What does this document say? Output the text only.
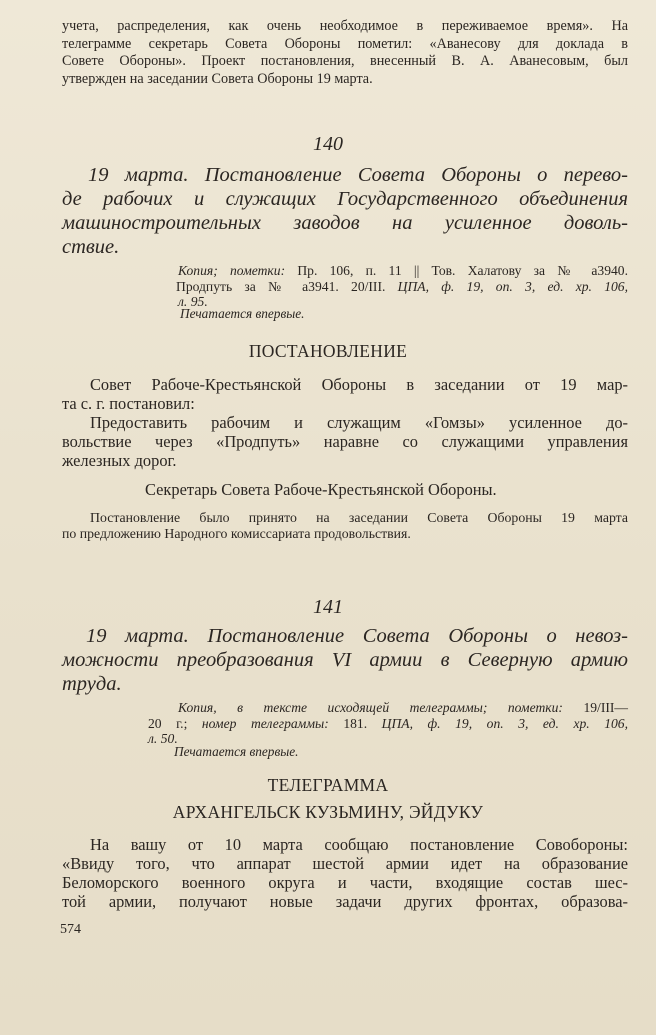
учета, распределения, как очень необходимое в переживаемое время». На
телеграмме секретарь Совета Обороны пометил: «Аванесову для доклада в
Совете Обороны». Проект постановления, внесенный В. А. Аванесовым, был
утвержден на заседании Совета Обороны 19 марта.
140
19 марта. Постановление Совета Обороны о перево-
де рабочих и служащих Государственного объединения
машиностроительных заводов на усиленное доволь-
ствие.
Копия; пометки: Пр. 106, п. 11 || Тов. Халатову за № а3940.
Продпуть за № а3941. 20/III. ЦПА, ф. 19, оп. 3, ед. хр. 106,
л. 95.
Печатается впервые.
ПОСТАНОВЛЕНИЕ
Совет Рабоче-Крестьянской Обороны в заседании от 19 мар-
та с. г. постановил:
Предоставить рабочим и служащим «Гомзы» усиленное до-
вольствие через «Продпуть» наравне со служащими управления
железных дорог.
Секретарь Совета Рабоче-Крестьянской Обороны.
Постановление было принято на заседании Совета Обороны 19 марта
по предложению Народного комиссариата продовольствия.
141
19 марта. Постановление Совета Обороны о невоз-
можности преобразования VI армии в Северную армию
труда.
Копия, в тексте исходящей телеграммы; пометки: 19/III—
20 г.; номер телеграммы: 181. ЦПА, ф. 19, оп. 3, ед. хр. 106,
л. 50.
Печатается впервые.
ТЕЛЕГРАММА
АРХАНГЕЛЬСК КУЗЬМИНУ, ЭЙДУКУ
На вашу от 10 марта сообщаю постановление Совобороны:
«Ввиду того, что аппарат шестой армии идет на образование
Беломорского военного округа и части, входящие состав шес-
той армии, получают новые задачи других фронтах, образова-
574
